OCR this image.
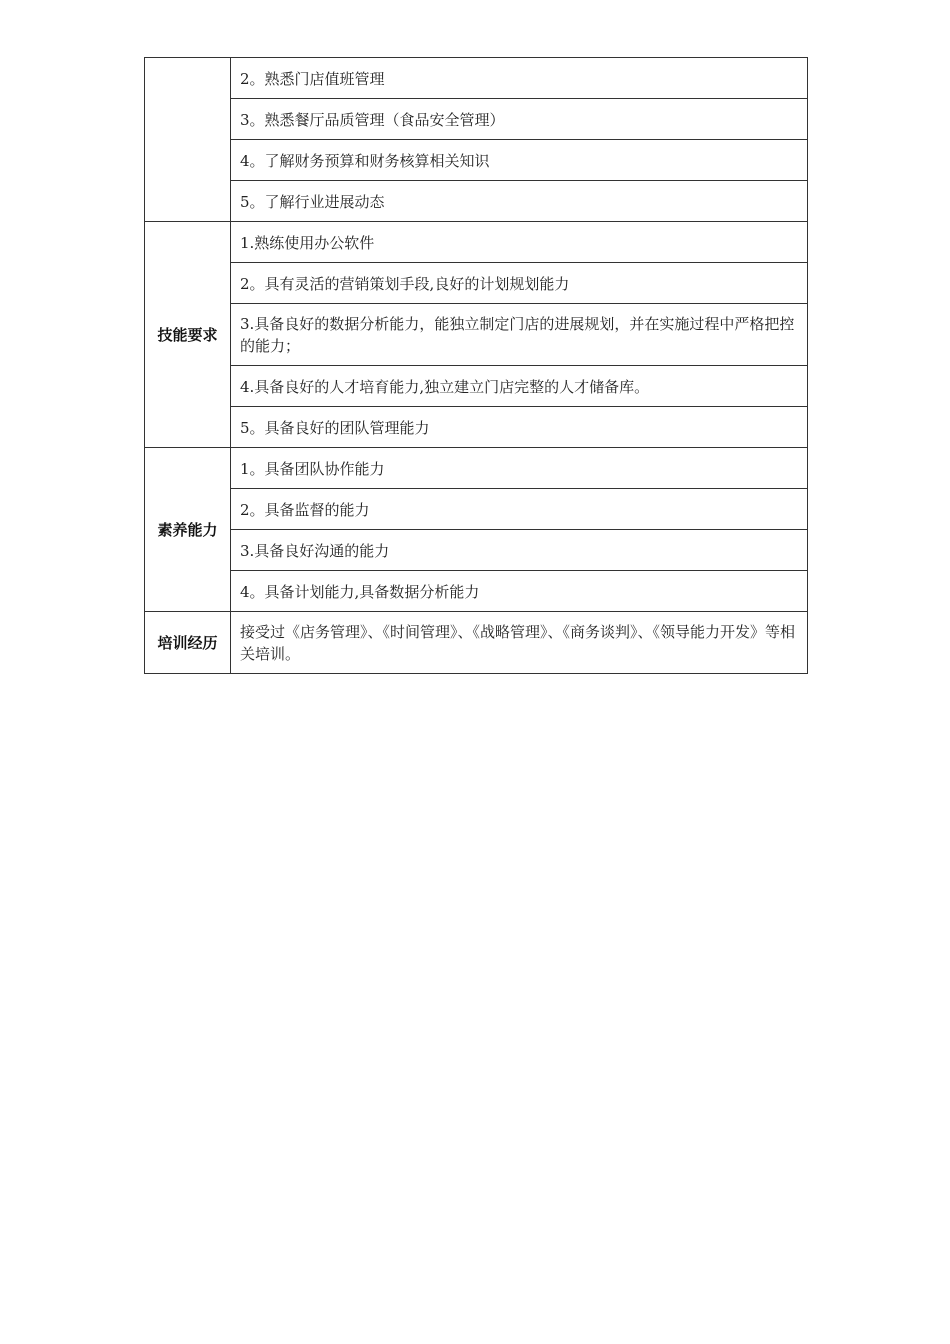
	2。熟悉门店值班管理
	3。熟悉餐厅品质管理（食品安全管理）
	4。了解财务预算和财务核算相关知识
	5。了解行业进展动态
技能要求	1.熟练使用办公软件
	2。具有灵活的营销策划手段,良好的计划规划能力
	3.具备良好的数据分析能力，能独立制定门店的进展规划，并在实施过程中严格把控的能力；
	4.具备良好的人才培育能力,独立建立门店完整的人才储备库。
	5。具备良好的团队管理能力
素养能力	1。具备团队协作能力
	2。具备监督的能力
	3.具备良好沟通的能力
	4。具备计划能力,具备数据分析能力
培训经历	接受过《店务管理》、《时间管理》、《战略管理》、《商务谈判》、《领导能力开发》等相关培训。
